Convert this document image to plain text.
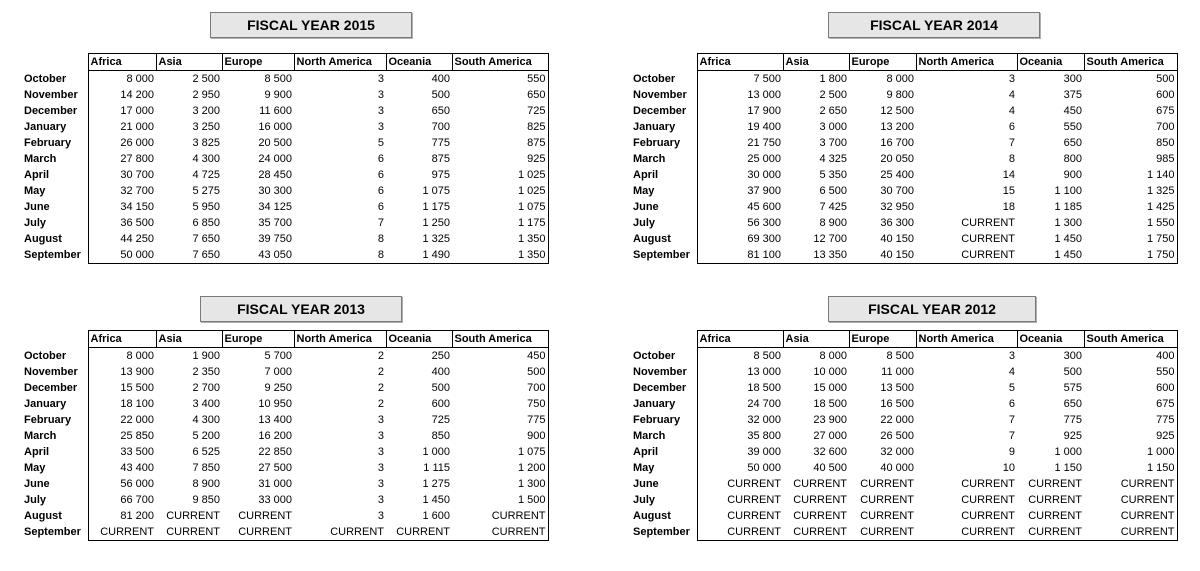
FISCAL YEAR 2015
	Africa	Asia	Europe	North America	Oceania	South America
October	8 000	2 500	8 500	3	400	550
November	14 200	2 950	9 900	3	500	650
December	17 000	3 200	11 600	3	650	725
January	21 000	3 250	16 000	3	700	825
February	26 000	3 825	20 500	5	775	875
March	27 800	4 300	24 000	6	875	925
April	30 700	4 725	28 450	6	975	1 025
May	32 700	5 275	30 300	6	1 075	1 025
June	34 150	5 950	34 125	6	1 175	1 075
July	36 500	6 850	35 700	7	1 250	1 175
August	44 250	7 650	39 750	8	1 325	1 350
September	50 000	7 650	43 050	8	1 490	1 350
FISCAL YEAR 2014
	Africa	Asia	Europe	North America	Oceania	South America
October	7 500	1 800	8 000	3	300	500
November	13 000	2 500	9 800	4	375	600
December	17 900	2 650	12 500	4	450	675
January	19 400	3 000	13 200	6	550	700
February	21 750	3 700	16 700	7	650	850
March	25 000	4 325	20 050	8	800	985
April	30 000	5 350	25 400	14	900	1 140
May	37 900	6 500	30 700	15	1 100	1 325
June	45 600	7 425	32 950	18	1 185	1 425
July	56 300	8 900	36 300	CURRENT	1 300	1 550
August	69 300	12 700	40 150	CURRENT	1 450	1 750
September	81 100	13 350	40 150	CURRENT	1 450	1 750
FISCAL YEAR 2013
	Africa	Asia	Europe	North America	Oceania	South America
October	8 000	1 900	5 700	2	250	450
November	13 900	2 350	7 000	2	400	500
December	15 500	2 700	9 250	2	500	700
January	18 100	3 400	10 950	2	600	750
February	22 000	4 300	13 400	3	725	775
March	25 850	5 200	16 200	3	850	900
April	33 500	6 525	22 850	3	1 000	1 075
May	43 400	7 850	27 500	3	1 115	1 200
June	56 000	8 900	31 000	3	1 275	1 300
July	66 700	9 850	33 000	3	1 450	1 500
August	81 200	CURRENT	CURRENT	3	1 600	CURRENT
September	CURRENT	CURRENT	CURRENT	CURRENT	CURRENT	CURRENT
FISCAL YEAR 2012
	Africa	Asia	Europe	North America	Oceania	South America
October	8 500	8 000	8 500	3	300	400
November	13 000	10 000	11 000	4	500	550
December	18 500	15 000	13 500	5	575	600
January	24 700	18 500	16 500	6	650	675
February	32 000	23 900	22 000	7	775	775
March	35 800	27 000	26 500	7	925	925
April	39 000	32 600	32 000	9	1 000	1 000
May	50 000	40 500	40 000	10	1 150	1 150
June	CURRENT	CURRENT	CURRENT	CURRENT	CURRENT	CURRENT
July	CURRENT	CURRENT	CURRENT	CURRENT	CURRENT	CURRENT
August	CURRENT	CURRENT	CURRENT	CURRENT	CURRENT	CURRENT
September	CURRENT	CURRENT	CURRENT	CURRENT	CURRENT	CURRENT
